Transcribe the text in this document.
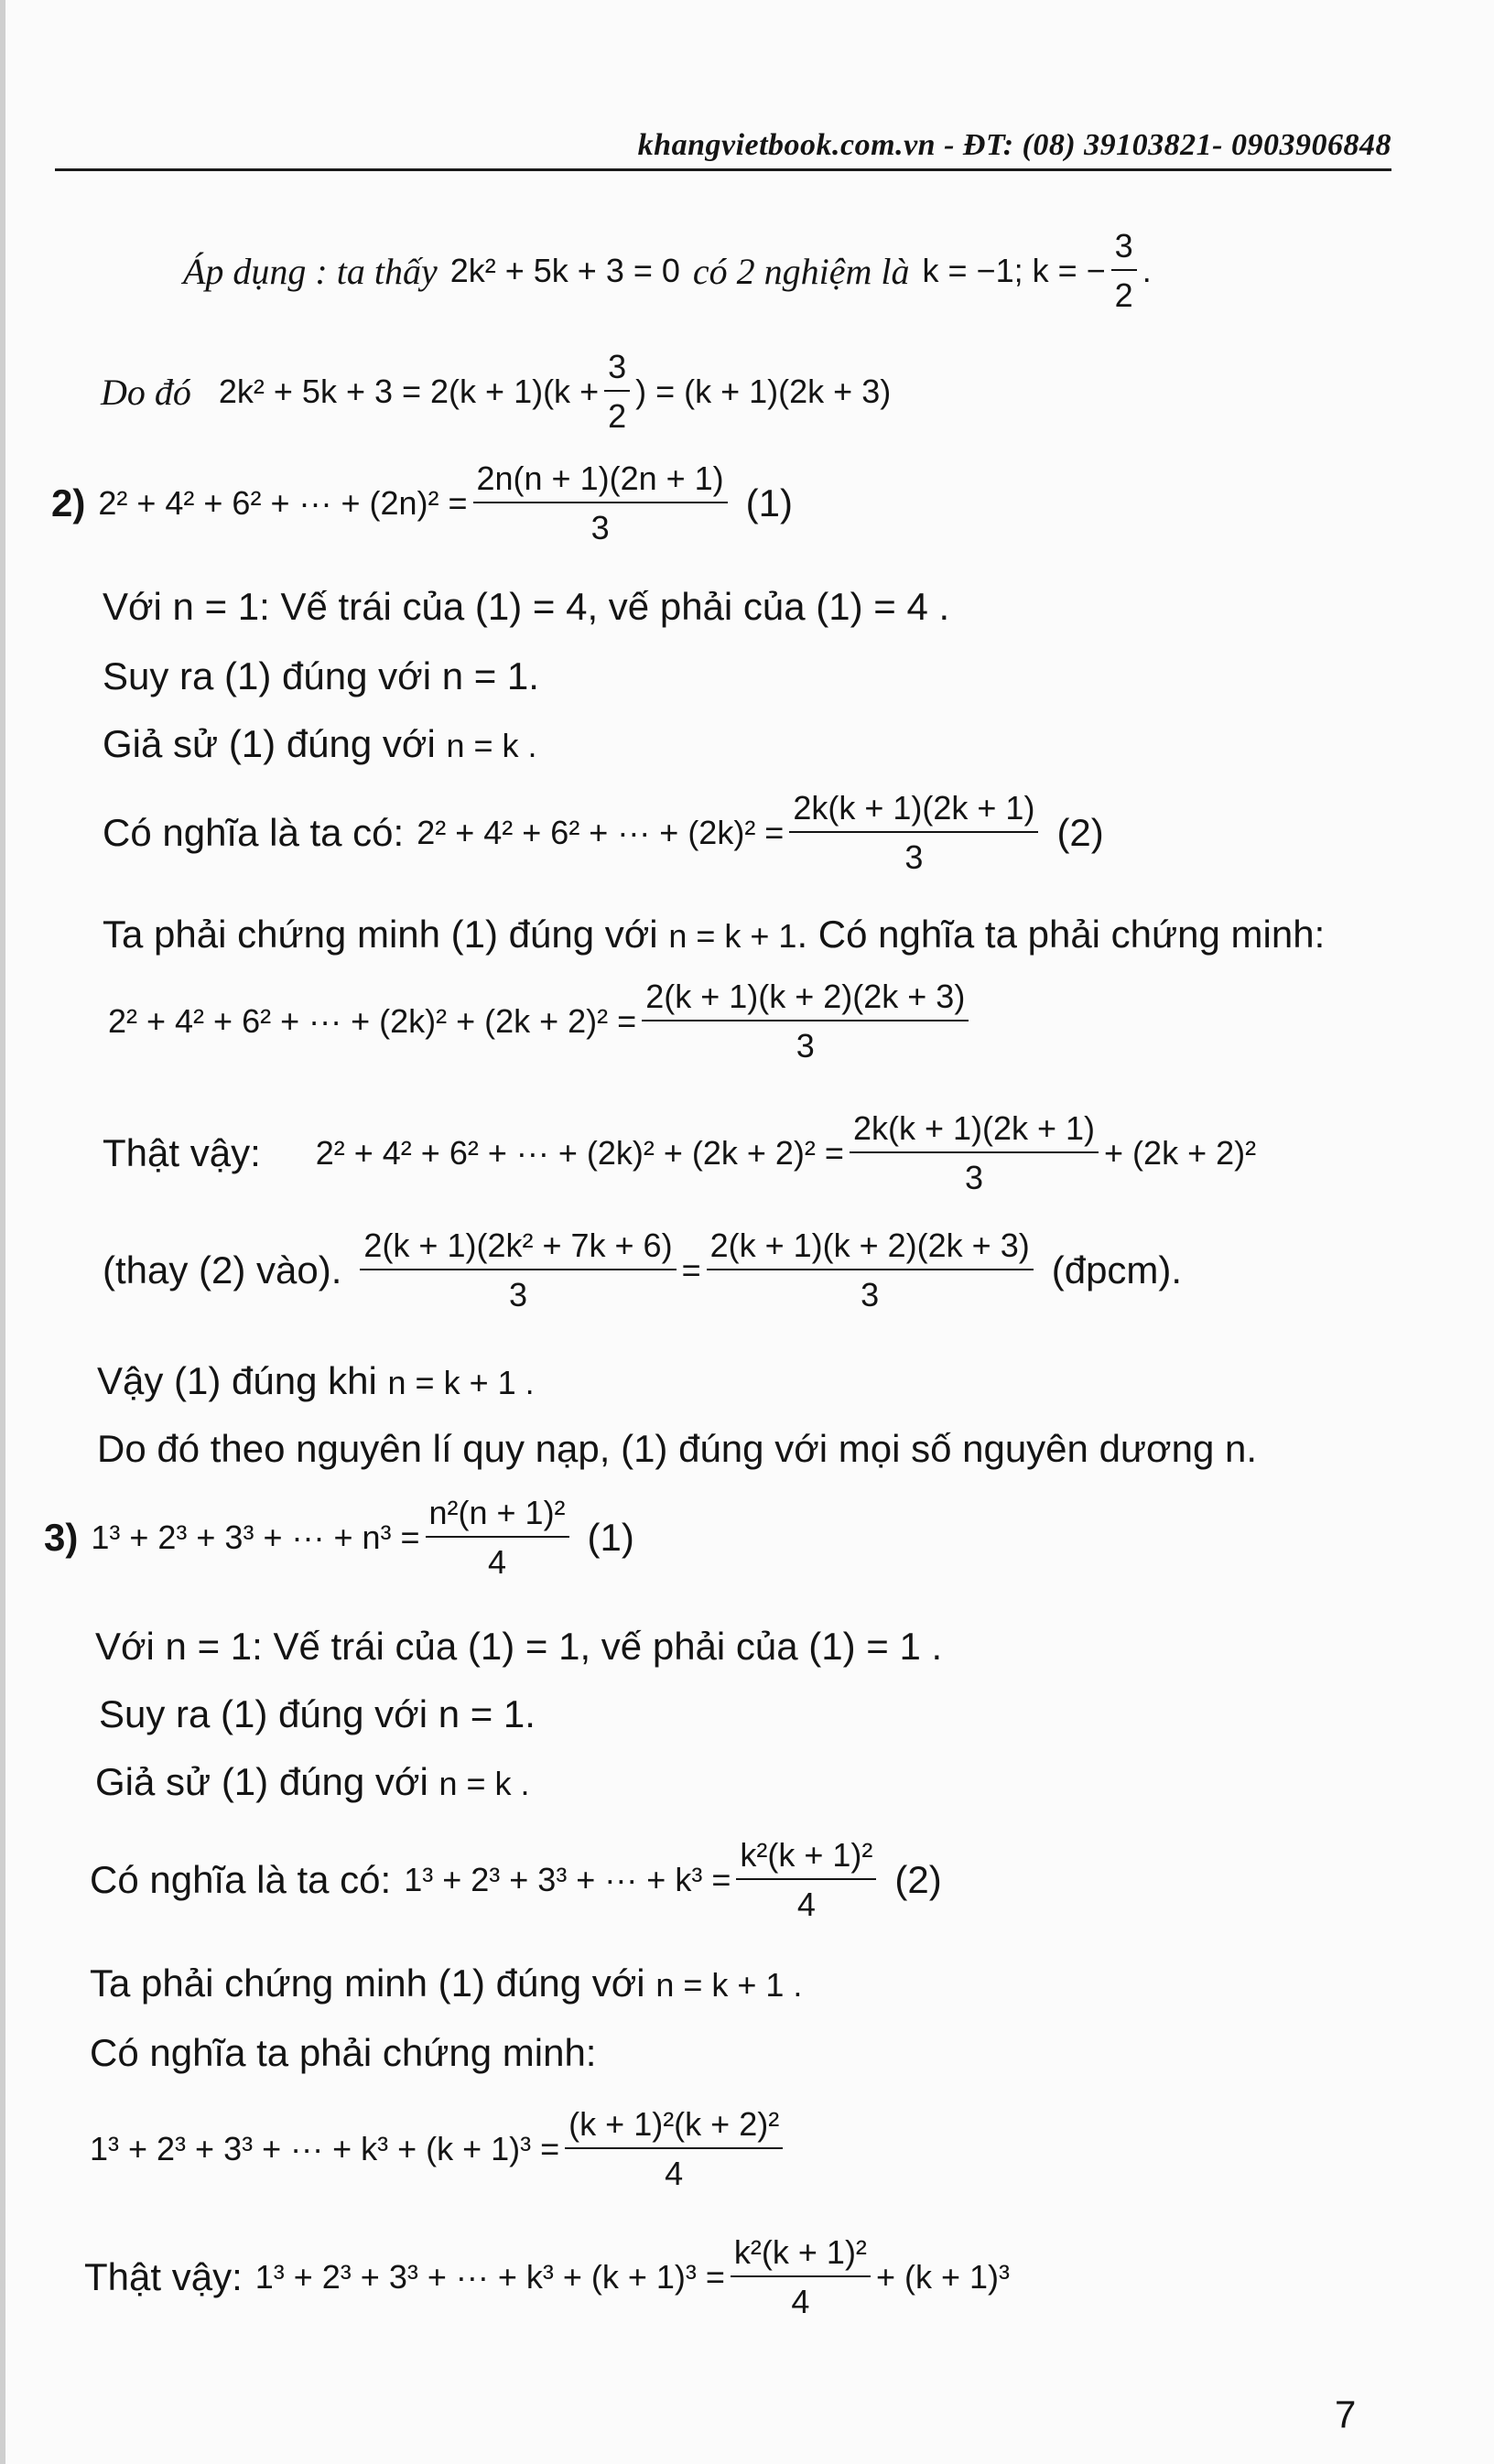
khangvietbook.com.vn - ĐT: (08) 39103821- 0903906848
Áp dụng : ta thấy 2k² + 5k + 3 = 0 có 2 nghiệm là k = −1; k = − $\frac{3}{2}$ .
Do đó $2k^2 + 5k + 3 = 2(k + 1)(k + \frac{3}{2}$ ) = (k + 1)(2k + 3)
2) 2² + 4² + 6² + ··· + $(2n)^2 = \frac{2n(n + 1)(2n + 1)}{3} (1)$
Với n = 1: Vế trái của (1) = 4, vế phải của (1) = 4 .
Suy ra (1) đúng với n = 1.
Giả sử (1) đúng với n = k .
Có nghĩa là ta có: 2² + 4² + 6² + ··· + $(2k)^2 = \frac{2k(k + 1)(2k + 1)}{3} (2)$
Ta phải chứng minh (1) đúng với n = k + 1. Có nghĩa ta phải chứng minh:
2² + 4² + 6² + ··· + $(2k)^2 + (2k + 2)^2 = \frac{2(k + 1)(k + 2)(2k + 3)}{3}$
Thật vậy: 2² + 4² + 6² + ··· + $(2k)^2 + (2k + 2)^2 = \frac{2k(k + 1)(2k + 1)}{3} + (2k + 2)^2$
(thay (2) vào). $\frac{\text{2(k + 1)(2k² + 7k + 6)}}{3} = \frac{2(k + 1)(k + 2)(2k + 3)}{3}$ (đpcm).
Vậy (1) đúng khi n = k + 1 .
Do đó theo nguyên lí quy nạp, (1) đúng với mọi số nguyên dương n.
3) 1³ + 2³ + 3³ + ··· + $n^3 = \frac{\text{n²(n + 1)²}}{4} (1)$
Với n = 1: Vế trái của (1) = 1, vế phải của (1) = 1 .
Suy ra (1) đúng với n = 1.
Giả sử (1) đúng với n = k .
Có nghĩa là ta có: 1³ + 2³ + 3³ + ··· + $k^3 = \frac{\text{k²(k + 1)²}}{4} (2)$
Ta phải chứng minh (1) đúng với n = k + 1 .
Có nghĩa ta phải chứng minh:
1³ + 2³ + 3³ + ··· + $k^3 + (k + 1)^3 = \frac{\text{(k + 1)²(k + 2)²}}{4}$
Thật vậy: 1³ + 2³ + 3³ + ··· + $k^3 + (k + 1)^3 = \frac{\text{k²(k + 1)²}}{4} + (k + 1)^3$
7
